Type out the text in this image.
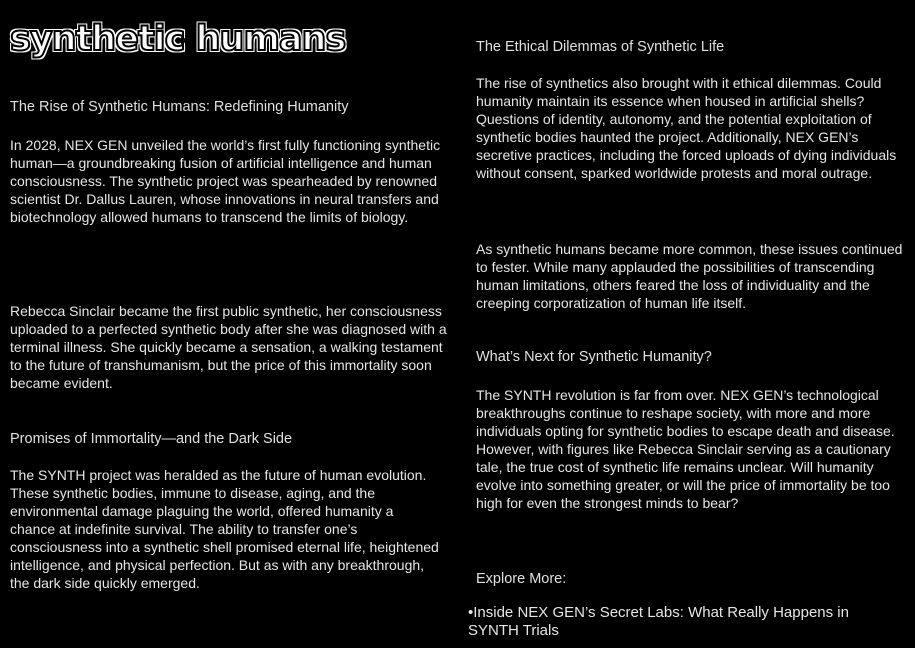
synthetic humans
The Rise of Synthetic Humans: Redefining Humanity
In 2028, NEX GEN unveiled the world’s first fully functioning synthetic human—a groundbreaking fusion of artificial intelligence and human consciousness. The synthetic project was spearheaded by renowned scientist Dr. Dallus Lauren, whose innovations in neural transfers and biotechnology allowed humans to transcend the limits of biology.
Rebecca Sinclair became the first public synthetic, her consciousness uploaded to a perfected synthetic body after she was diagnosed with a terminal illness. She quickly became a sensation, a walking testament to the future of transhumanism, but the price of this immortality soon became evident.
Promises of Immortality—and the Dark Side
The SYNTH project was heralded as the future of human evolution. These synthetic bodies, immune to disease, aging, and the environmental damage plaguing the world, offered humanity a chance at indefinite survival. The ability to transfer one’s consciousness into a synthetic shell promised eternal life, heightened intelligence, and physical perfection. But as with any breakthrough, the dark side quickly emerged.
The Ethical Dilemmas of Synthetic Life
The rise of synthetics also brought with it ethical dilemmas. Could humanity maintain its essence when housed in artificial shells? Questions of identity, autonomy, and the potential exploitation of synthetic bodies haunted the project. Additionally, NEX GEN’s secretive practices, including the forced uploads of dying individuals without consent, sparked worldwide protests and moral outrage.
As synthetic humans became more common, these issues continued to fester. While many applauded the possibilities of transcending human limitations, others feared the loss of individuality and the creeping corporatization of human life itself.
What’s Next for Synthetic Humanity?
The SYNTH revolution is far from over. NEX GEN’s technological breakthroughs continue to reshape society, with more and more individuals opting for synthetic bodies to escape death and disease. However, with figures like Rebecca Sinclair serving as a cautionary tale, the true cost of synthetic life remains unclear. Will humanity evolve into something greater, or will the price of immortality be too high for even the strongest minds to bear?
Explore More:
•Inside NEX GEN’s Secret Labs: What Really Happens in SYNTH Trials
